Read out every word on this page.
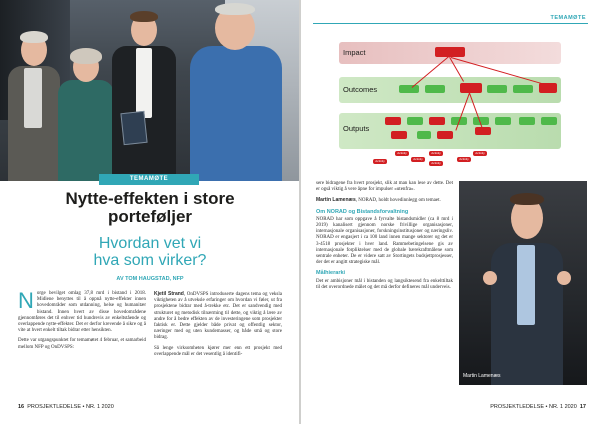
TEMAMØTE
Nytte-effekten i store
porteføljer
Hvordan vet vi
hva som virker?
AV TOM HAUGSTAD, NFP

Norge bevilget omlag 37,8 mrd i bistand i 2018. Midlene benyttes til å oppnå nytte-effekter innen hovedområder som utdanning, helse og humanitær bistand. Innen hvert av disse hovedområdene gjennomføres det til enhver tid hundrevis av enkeltstående og overlappende nytte-effekter. Det er derfor krevende å sikre og å vite at hvert enkelt tiltak bidrar etter hensikten.

Dette var utgangspunktet for temamøtet 4 februar, et samarbeid mellom NFP og OnDVSPS:

Kjetil Strand, OnDVSPS introduserte dagens tema og veksla viktigheten av å utveksle erfaringer om hvordan vi føler, ut fra prosjektene bidrar med å-trekke etc. Det er sandvendig med strukturet og metodisk tilnærming til dette, og viktig å lære av andre for å bedre effekten av de investeringene som prosjekter faktisk er. Dette gjelder både privat og offentlig sektor, næringer med og uten kundemasser, og både små og store bidrag.

Så lenge virksomheten kjører mer enn ett prosjekt med overlappende mål er det vesentlig å identifi-

16 PROSJEKTLEDELSE • NR. 1 2020
TEMAMØTE
Impact
Outcomes
Outputs
Activity
Activity
Activity
Activity
Activity
Activity
Activity

sere bidragene fra hvert prosjekt, slik at man kan lese av dette. Det er også viktig å vere åpne for impulser «utenfra».

Martin Lamenæs, NORAD, holdt hovedinnlegg om temaet.

Om NORAD og Bistandsforvaltning

NORAD har som oppgave å fyrvalte bistandsmidler (ca 8 mrd i 2019) kanalisert gjennom norske frivillige organisasjoner, internasjonale organisasjoner, forskningsinstitusjoner og næringsliv. NORAD er engasjert i ca 100 land innen mange sektorer og det er 3-4518 prosjekter i hver land. Rammebetingelsene gis av internasjonale forpliktelser med de globale bærekraftmålene som sentrale enheter. De er videre satt av Stortingets budsjettprosjesser, der det er angitt strategiske mål.

Målhierarki

Det er ambisjoner mål i bistanden og langsiktesend fra enkelttiltak til det overordnede målet og det må derfor defineres mål underveis.

Martin Lamenæs
PROSJEKTLEDELSE • NR. 1 2020 17
